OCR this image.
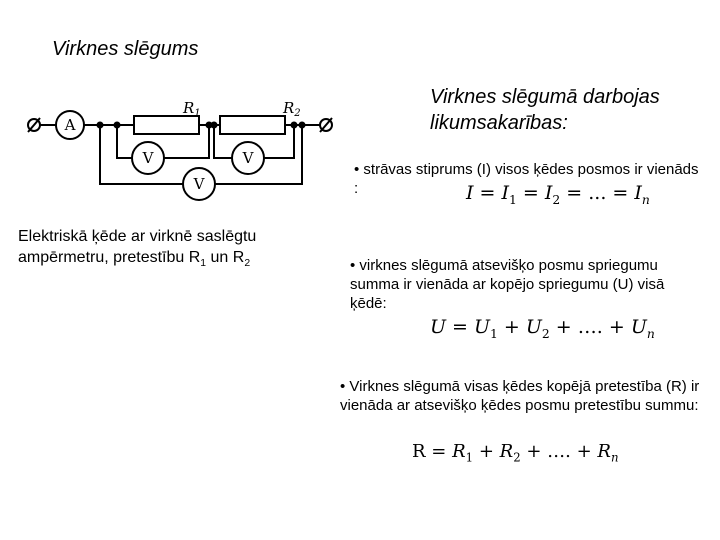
Virknes slēgums
Virknes slēgumā darbojas likumsakarības:
A
V	V
V
$R_1$	$R_2$
Elektriskā ķēde ar virknē saslēgtu ampērmetru, pretestību $R_1$ un $R_2$
• strāvas stiprums (I) visos ķēdes posmos ir vienāds :	$I = I_1 = I_2$ = ... = $I_n$
• virknes slēgumā atsevišķo posmu spriegumu summa ir vienāda ar kopējo spriegumu (U) visā ķēdē:
$U = U_1 + U_2$ + …. + $U_n$
• Virknes slēgumā visas ķēdes kopējā pretestība (R) ir vienāda ar atsevišķo ķēdes posmu pretestību summu:
$R = R_1 + R_2$ + …. + $R_n$
